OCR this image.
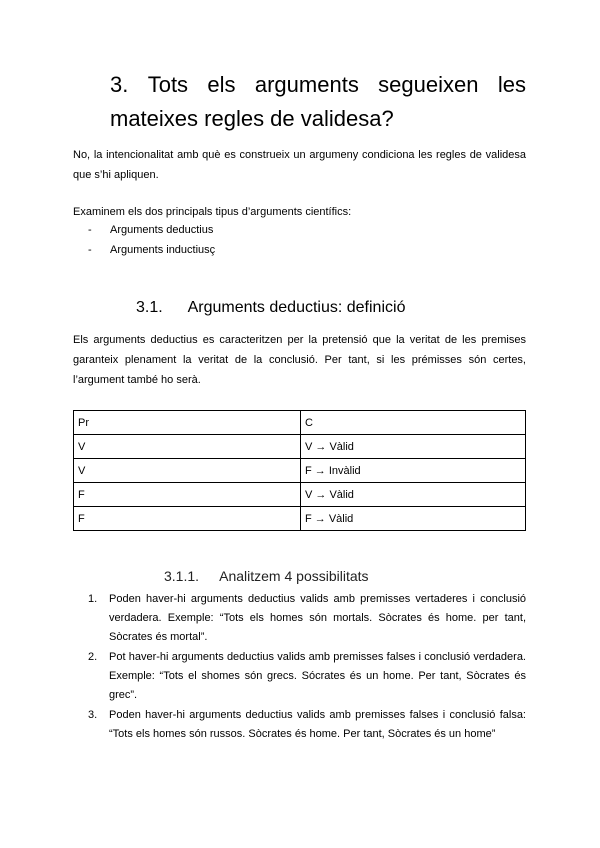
3. Tots els arguments segueixen les
mateixes regles de validesa?

No, la intencionalitat amb què es construeix un argumeny condiciona les regles de validesa que s’hi apliquen.

Examinem els dos principals tipus d’arguments científics:

-	Arguments deductius
-	Arguments inductiusç
3.1. Arguments deductius: definició

Els arguments deductius es caracteritzen per la pretensió que la veritat de les premises garanteix plenament la veritat de la conclusió. Per tant, si les prémisses són certes, l’argument també ho serà.

Pr	C
V	V → Vàlid
V	F → Invàlid
F	V → Vàlid
F	F → Vàlid
3.1.1. Analitzem 4 possibilitats
1.	Poden haver-hi arguments deductius valids amb premisses vertaderes i conclusió verdadera. Exemple: “Tots els homes són mortals. Sòcrates és home. per tant, Sòcrates és mortal”.
2.	Pot haver-hi arguments deductius valids amb premisses falses i conclusió verdadera. Exemple: “Tots el shomes són grecs. Sócrates és un home. Per tant, Sòcrates és grec”.
3.	Poden haver-hi arguments deductius valids amb premisses falses i conclusió falsa: “Tots els homes són russos. Sòcrates és home. Per tant, Sòcrates és un home”
